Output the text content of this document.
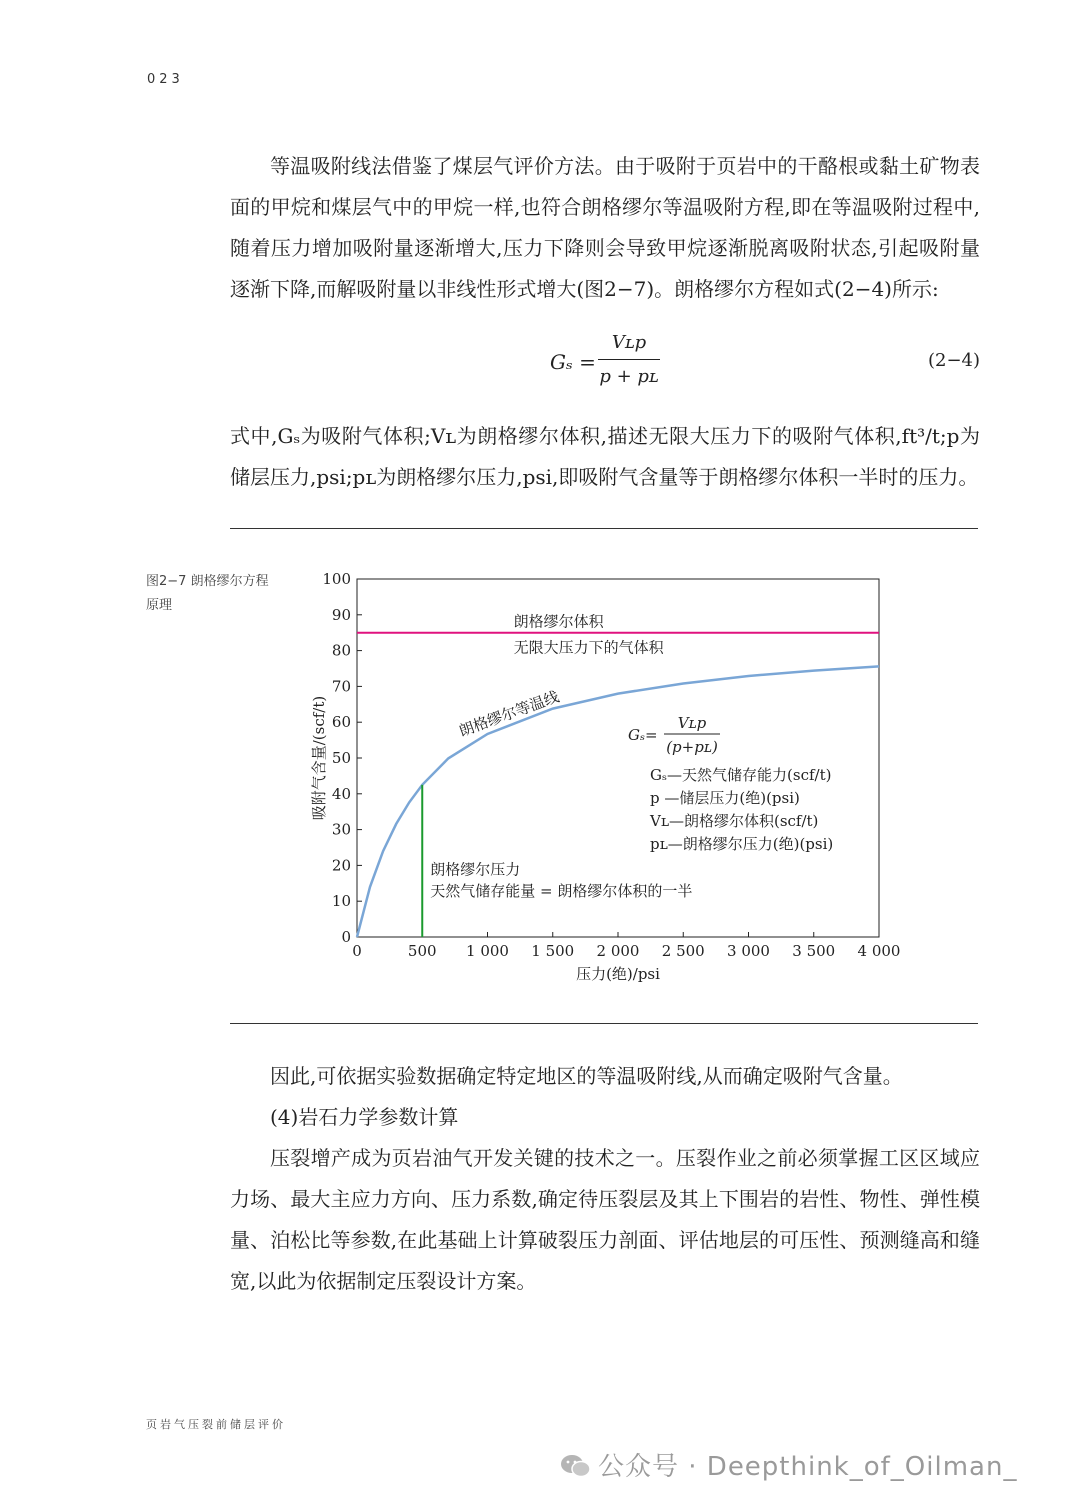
023

等温吸附线法借鉴了煤层气评价方法。由于吸附于页岩中的干酪根或黏土矿物表面的甲烷和煤层气中的甲烷一样,也符合朗格缪尔等温吸附方程,即在等温吸附过程中,随着压力增加吸附量逐渐增大,压力下降则会导致甲烷逐渐脱离吸附状态,引起吸附量逐渐下降,而解吸附量以非线性形式增大(图2−7)。朗格缪尔方程如式(2−4)所示:

Gₛ =
Vʟp
p + pʟ
(2−4)

式中,Gₛ为吸附气体积;Vʟ为朗格缪尔体积,描述无限大压力下的吸附气体积,ft³/t;p为储层压力,psi;pʟ为朗格缪尔压力,psi,即吸附气含量等于朗格缪尔体积一半时的压力。

图2−7 朗格缪尔方程原理
0
10
20
30
40
50
60
70
80
90
100
0	500 1 000 1 500 2 000 2 500 3 000 3 500 4 000
吸附气含量/(scf/t)
压力(绝)/psi
朗格缪尔体积
无限大压力下的气体积
朗格缪尔等温线
朗格缪尔压力
天然气储存能量 = 朗格缪尔体积的一半
Gₛ=
Vʟp
(p+pʟ)
Gₛ—天然气储存能力(scf/t)
p —储层压力(绝)(psi)
Vʟ—朗格缪尔体积(scf/t)
pʟ—朗格缪尔压力(绝)(psi)

因此,可依据实验数据确定特定地区的等温吸附线,从而确定吸附气含量。

(4)岩石力学参数计算

压裂增产成为页岩油气开发关键的技术之一。压裂作业之前必须掌握工区区域应力场、最大主应力方向、压力系数,确定待压裂层及其上下围岩的岩性、物性、弹性模量、泊松比等参数,在此基础上计算破裂压力剖面、评估地层的可压性、预测缝高和缝宽,以此为依据制定压裂设计方案。

页岩气压裂前储层评价
公众号 · Deepthink_of_Oilman_
